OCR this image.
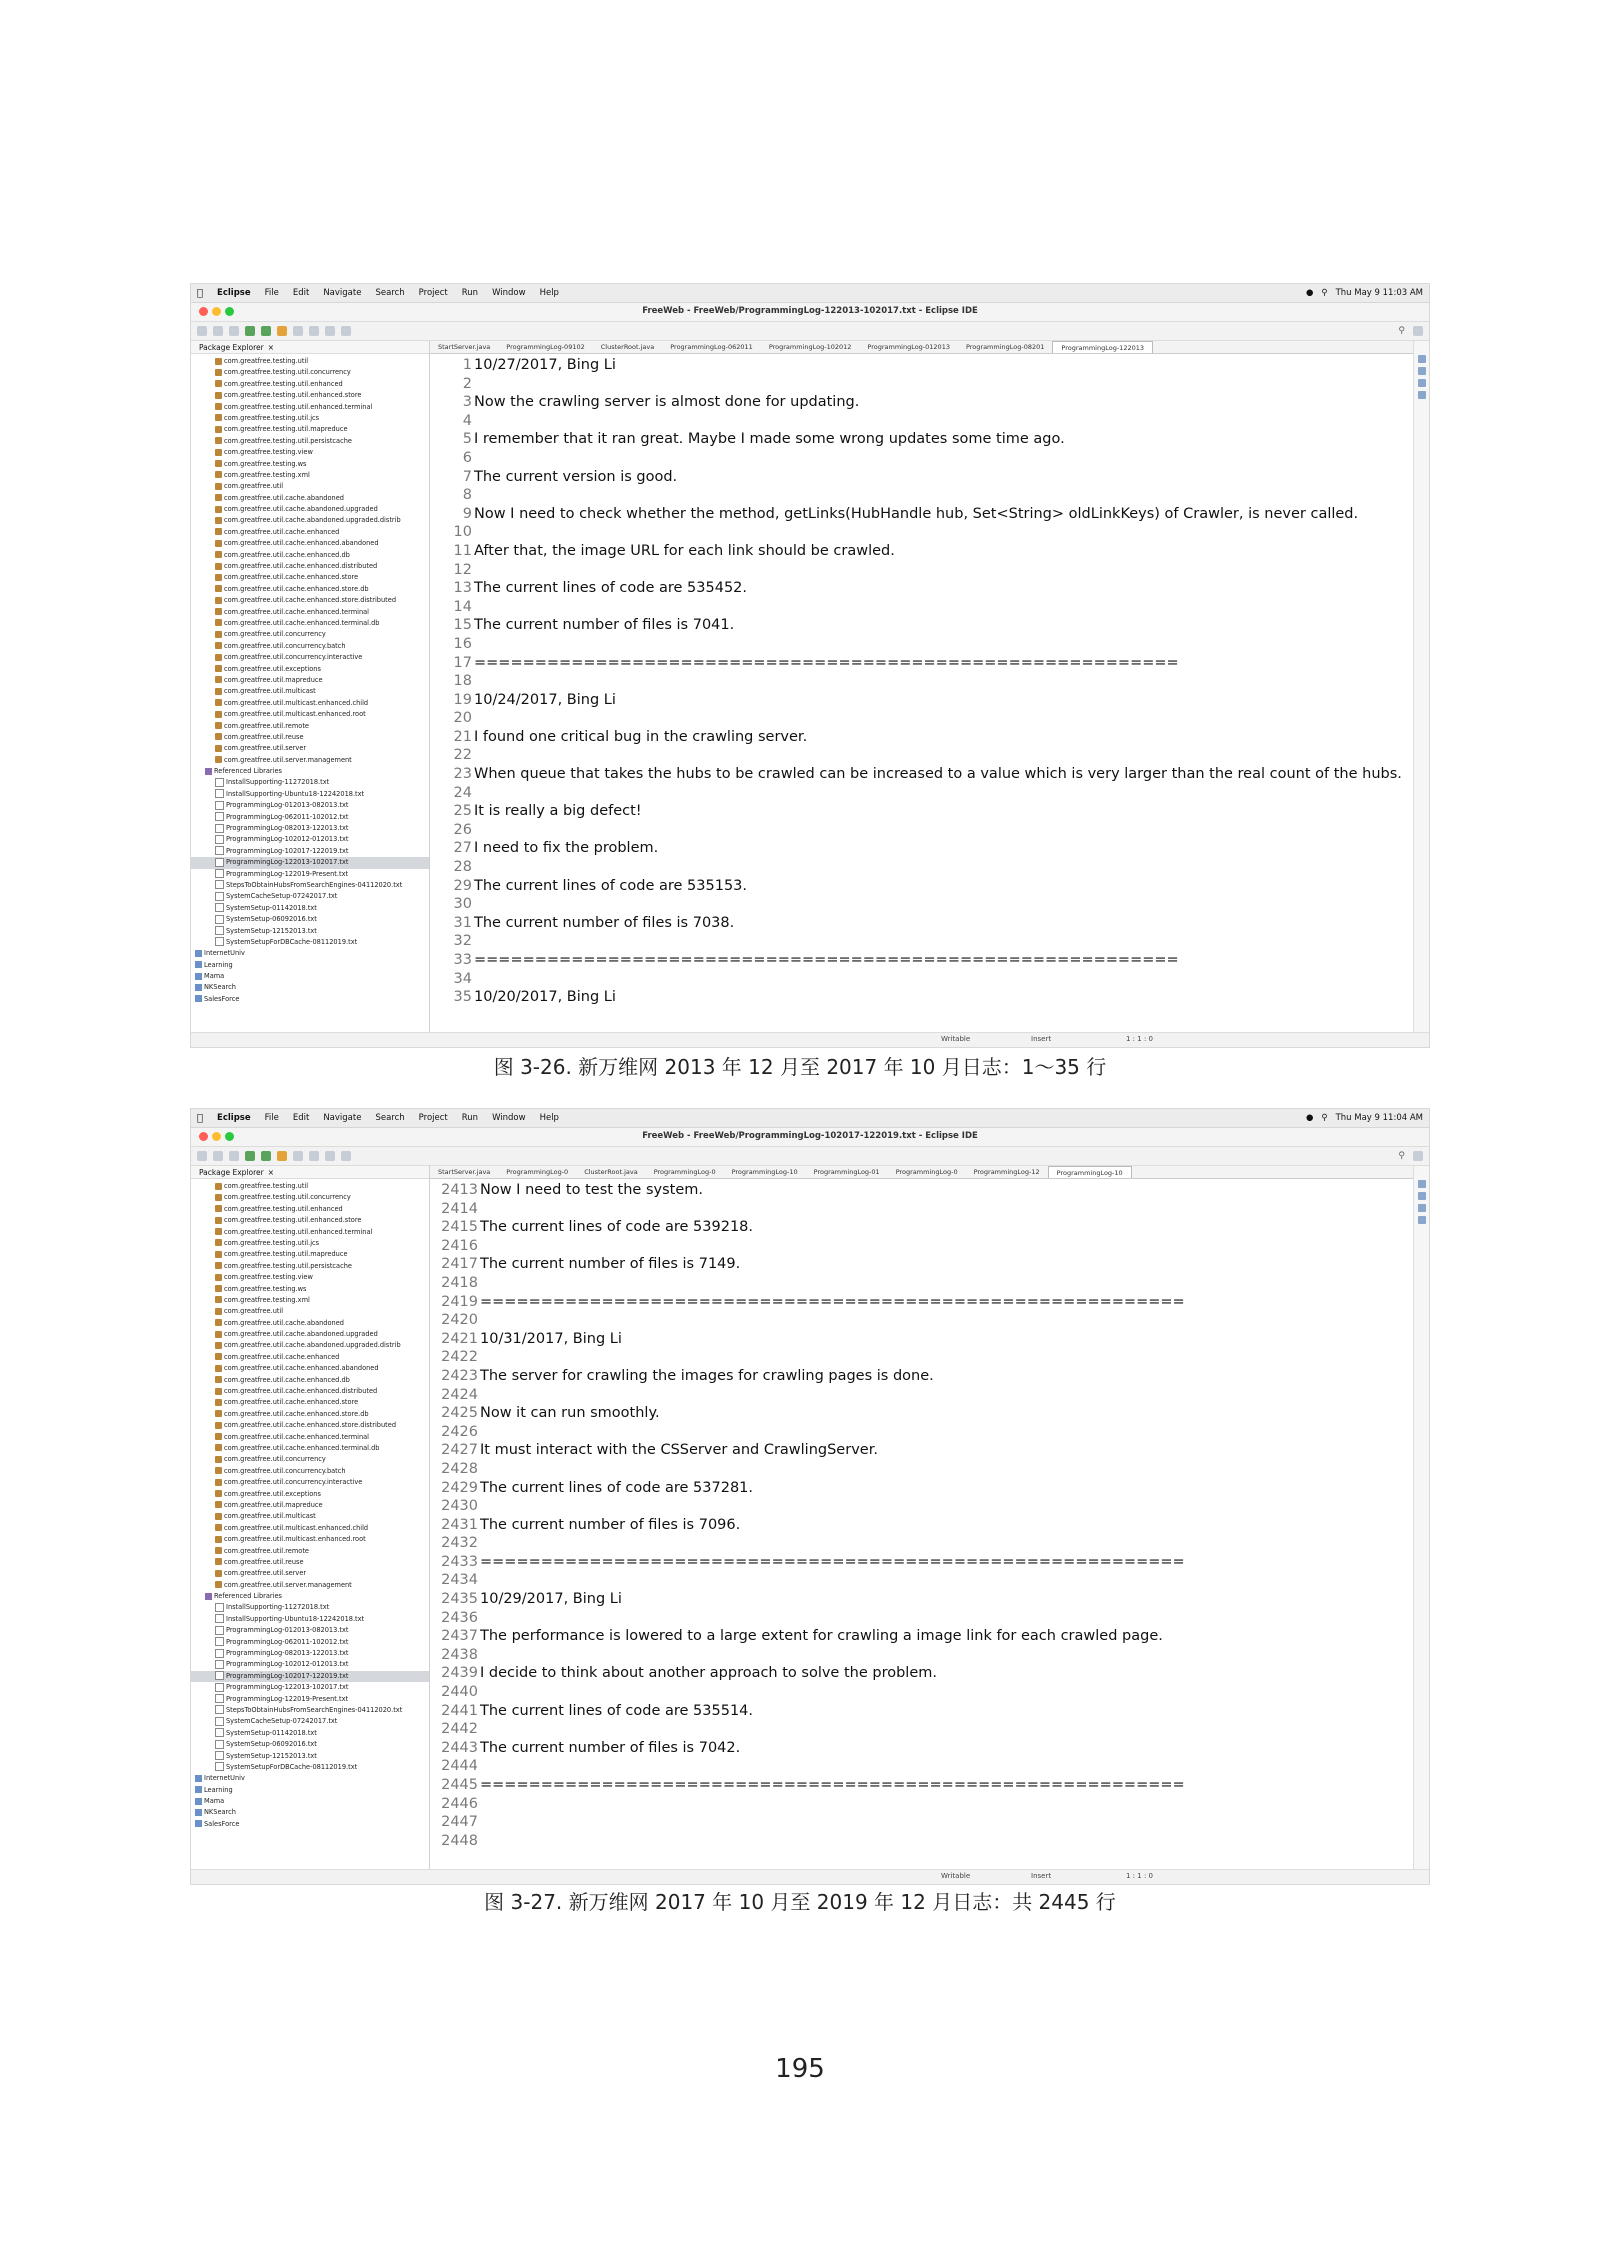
Eclipse File Edit Navigate Search Project Run Window Help	● ⚲ Thu May 9 11:03 AM
FreeWeb - FreeWeb/ProgrammingLog-122013-102017.txt - Eclipse IDE
⚲
Package Explorer ×
com.greatfree.testing.util
com.greatfree.testing.util.concurrency
com.greatfree.testing.util.enhanced
com.greatfree.testing.util.enhanced.store
com.greatfree.testing.util.enhanced.terminal
com.greatfree.testing.util.jcs
com.greatfree.testing.util.mapreduce
com.greatfree.testing.util.persistcache
com.greatfree.testing.view
com.greatfree.testing.ws
com.greatfree.testing.xml
com.greatfree.util
com.greatfree.util.cache.abandoned
com.greatfree.util.cache.abandoned.upgraded
com.greatfree.util.cache.abandoned.upgraded.distrib
com.greatfree.util.cache.enhanced
com.greatfree.util.cache.enhanced.abandoned
com.greatfree.util.cache.enhanced.db
com.greatfree.util.cache.enhanced.distributed
com.greatfree.util.cache.enhanced.store
com.greatfree.util.cache.enhanced.store.db
com.greatfree.util.cache.enhanced.store.distributed
com.greatfree.util.cache.enhanced.terminal
com.greatfree.util.cache.enhanced.terminal.db
com.greatfree.util.concurrency
com.greatfree.util.concurrency.batch
com.greatfree.util.concurrency.interactive
com.greatfree.util.exceptions
com.greatfree.util.mapreduce
com.greatfree.util.multicast
com.greatfree.util.multicast.enhanced.child
com.greatfree.util.multicast.enhanced.root
com.greatfree.util.remote
com.greatfree.util.reuse
com.greatfree.util.server
com.greatfree.util.server.management
Referenced Libraries
InstallSupporting-11272018.txt
InstallSupporting-Ubuntu18-12242018.txt
ProgrammingLog-012013-082013.txt
ProgrammingLog-062011-102012.txt
ProgrammingLog-082013-122013.txt
ProgrammingLog-102012-012013.txt
ProgrammingLog-102017-122019.txt
ProgrammingLog-122013-102017.txt
ProgrammingLog-122019-Present.txt
StepsToObtainHubsFromSearchEngines-04112020.txt
SystemCacheSetup-07242017.txt
SystemSetup-01142018.txt
SystemSetup-06092016.txt
SystemSetup-12152013.txt
SystemSetupForDBCache-08112019.txt
InternetUniv
Learning
Mama
NKSearch
SalesForce
StartServer.java	ProgrammingLog-09102	ClusterRoot.java	ProgrammingLog-062011	ProgrammingLog-102012	ProgrammingLog-012013	ProgrammingLog-08201	ProgrammingLog-122013
1 10/27/2017, Bing Li
2
3 Now the crawling server is almost done for updating.
4
5 I remember that it ran great. Maybe I made some wrong updates some time ago.
6
7 The current version is good.
8
9 Now I need to check whether the method, getLinks(HubHandle hub, Set<String> oldLinkKeys) of Crawler, is never called.
10
11 After that, the image URL for each link should be crawled.
12
13 The current lines of code are 535452.
14
15 The current number of files is 7041.
16
17 ==========================================================
18
19 10/24/2017, Bing Li
20
21 I found one critical bug in the crawling server.
22
23 When queue that takes the hubs to be crawled can be increased to a value which is very larger than the real count of the hubs.
24
25 It is really a big defect!
26
27 I need to fix the problem.
28
29 The current lines of code are 535153.
30
31 The current number of files is 7038.
32
33 ==========================================================
34
35 10/20/2017, Bing Li
Writable	Insert	1 : 1 : 0
图 3-26. 新万维网 2013 年 12 月至 2017 年 10 月日志：1～35 行
Eclipse File Edit Navigate Search Project Run Window Help	● ⚲ Thu May 9 11:04 AM
FreeWeb - FreeWeb/ProgrammingLog-102017-122019.txt - Eclipse IDE
⚲
Package Explorer ×
com.greatfree.testing.util
com.greatfree.testing.util.concurrency
com.greatfree.testing.util.enhanced
com.greatfree.testing.util.enhanced.store
com.greatfree.testing.util.enhanced.terminal
com.greatfree.testing.util.jcs
com.greatfree.testing.util.mapreduce
com.greatfree.testing.util.persistcache
com.greatfree.testing.view
com.greatfree.testing.ws
com.greatfree.testing.xml
com.greatfree.util
com.greatfree.util.cache.abandoned
com.greatfree.util.cache.abandoned.upgraded
com.greatfree.util.cache.abandoned.upgraded.distrib
com.greatfree.util.cache.enhanced
com.greatfree.util.cache.enhanced.abandoned
com.greatfree.util.cache.enhanced.db
com.greatfree.util.cache.enhanced.distributed
com.greatfree.util.cache.enhanced.store
com.greatfree.util.cache.enhanced.store.db
com.greatfree.util.cache.enhanced.store.distributed
com.greatfree.util.cache.enhanced.terminal
com.greatfree.util.cache.enhanced.terminal.db
com.greatfree.util.concurrency
com.greatfree.util.concurrency.batch
com.greatfree.util.concurrency.interactive
com.greatfree.util.exceptions
com.greatfree.util.mapreduce
com.greatfree.util.multicast
com.greatfree.util.multicast.enhanced.child
com.greatfree.util.multicast.enhanced.root
com.greatfree.util.remote
com.greatfree.util.reuse
com.greatfree.util.server
com.greatfree.util.server.management
Referenced Libraries
InstallSupporting-11272018.txt
InstallSupporting-Ubuntu18-12242018.txt
ProgrammingLog-012013-082013.txt
ProgrammingLog-062011-102012.txt
ProgrammingLog-082013-122013.txt
ProgrammingLog-102012-012013.txt
ProgrammingLog-102017-122019.txt
ProgrammingLog-122013-102017.txt
ProgrammingLog-122019-Present.txt
StepsToObtainHubsFromSearchEngines-04112020.txt
SystemCacheSetup-07242017.txt
SystemSetup-01142018.txt
SystemSetup-06092016.txt
SystemSetup-12152013.txt
SystemSetupForDBCache-08112019.txt
InternetUniv
Learning
Mama
NKSearch
SalesForce
StartServer.java	ProgrammingLog-0	ClusterRoot.java	ProgrammingLog-0	ProgrammingLog-10	ProgrammingLog-01	ProgrammingLog-0	ProgrammingLog-12	ProgrammingLog-10
2413 Now I need to test the system.
2414
2415 The current lines of code are 539218.
2416
2417 The current number of files is 7149.
2418
2419 ==========================================================
2420
2421 10/31/2017, Bing Li
2422
2423 The server for crawling the images for crawling pages is done.
2424
2425 Now it can run smoothly.
2426
2427 It must interact with the CSServer and CrawlingServer.
2428
2429 The current lines of code are 537281.
2430
2431 The current number of files is 7096.
2432
2433 ==========================================================
2434
2435 10/29/2017, Bing Li
2436
2437 The performance is lowered to a large extent for crawling a image link for each crawled page.
2438
2439 I decide to think about another approach to solve the problem.
2440
2441 The current lines of code are 535514.
2442
2443 The current number of files is 7042.
2444
2445 ==========================================================
2446
2447
2448
Writable	Insert	1 : 1 : 0
图 3-27. 新万维网 2017 年 10 月至 2019 年 12 月日志：共 2445 行
195
